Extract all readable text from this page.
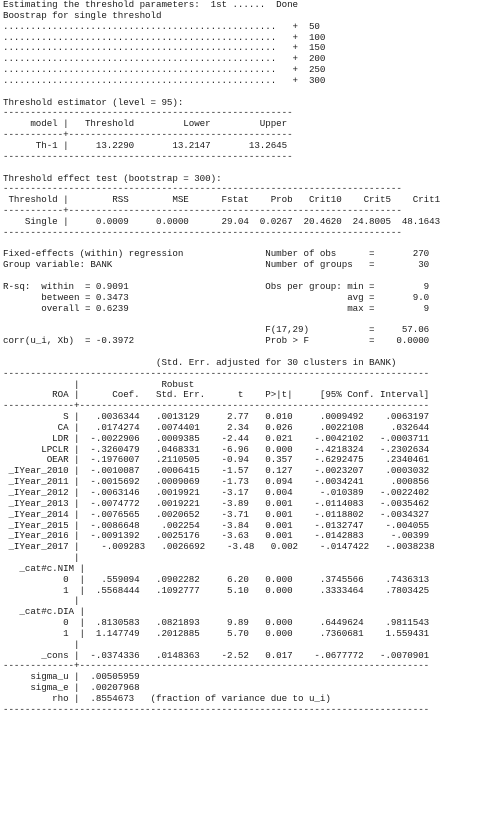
Estimating the threshold parameters:  1st ......  Done
Boostrap for single threshold
..................................................   +  50
..................................................   +  100
..................................................   +  150
..................................................   +  200
..................................................   +  250
..................................................   +  300
Threshold estimator (level = 95):
-----------------------------------------------------
model |   Threshold         Lower         Upper
-----------+-----------------------------------------
Th-1 |     13.2290       13.2147       13.2645
-----------------------------------------------------
Threshold effect test (bootstrap = 300):
-------------------------------------------------------------------------
Threshold |        RSS        MSE      Fstat    Prob   Crit10    Crit5    Crit1
-----------+-------------------------------------------------------------
Single |     0.0009     0.0000      29.04  0.0267  20.4620  24.8005  48.1643
-------------------------------------------------------------------------
Fixed-effects (within) regression               Number of obs      =       270
Group variable: BANK                            Number of groups   =        30
R-sq:  within  = 0.9091                         Obs per group: min =         9
between = 0.3473                                        avg =       9.0
overall = 0.6239                                        max =         9
F(17,29)           =     57.06
corr(u_i, Xb)  = -0.3972                        Prob > F           =    0.0000
(Std. Err. adjusted for 30 clusters in BANK)
------------------------------------------------------------------------------
|               Robust
ROA |      Coef.   Std. Err.      t    P>|t|     [95% Conf. Interval]
-------------+----------------------------------------------------------------
S |   .0036344   .0013129     2.77   0.010     .0009492    .0063197
CA |   .0174274   .0074401     2.34   0.026     .0022108     .032644
LDR |  -.0022906   .0009385    -2.44   0.021    -.0042102   -.0003711
LPCLR |  -.3260479   .0468331    -6.96   0.000    -.4218324   -.2302634
OEAR |  -.1976007   .2110505    -0.94   0.357    -.6292475    .2340461
_IYear_2010 |  -.0010087   .0006415    -1.57   0.127    -.0023207    .0003032
_IYear_2011 |  -.0015692   .0009069    -1.73   0.094    -.0034241     .000856
_IYear_2012 |  -.0063146   .0019921    -3.17   0.004     -.010389   -.0022402
_IYear_2013 |  -.0074772   .0019221    -3.89   0.001    -.0114083   -.0035462
_IYear_2014 |  -.0076565   .0020652    -3.71   0.001    -.0118802   -.0034327
_IYear_2015 |  -.0086648    .002254    -3.84   0.001    -.0132747    -.004055
_IYear_2016 |  -.0091392   .0025176    -3.63   0.001    -.0142883     -.00399
_IYear_2017 |    -.009283   .0026692    -3.48   0.002    -.0147422   -.0038238
|
_cat#c.NIM |
0  |   .559094   .0902282     6.20   0.000     .3745566    .7436313
1  |  .5568444   .1092777     5.10   0.000     .3333464    .7803425
|
_cat#c.DIA |
0  |  .8130583   .0821893     9.89   0.000     .6449624    .9811543
1  |  1.147749   .2012885     5.70   0.000     .7360681    1.559431
|
_cons |  -.0374336   .0148363    -2.52   0.017    -.0677772   -.0070901
-------------+----------------------------------------------------------------
sigma_u |  .00505959
sigma_e |  .00207968
rho |  .8554673   (fraction of variance due to u_i)
------------------------------------------------------------------------------
